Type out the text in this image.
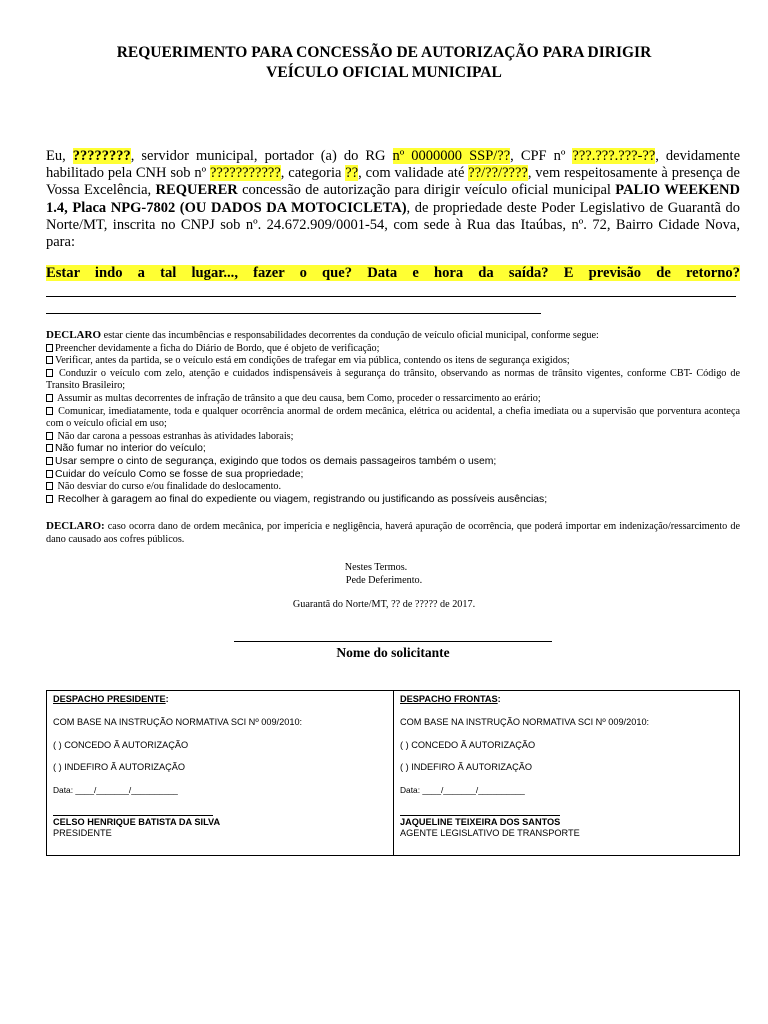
REQUERIMENTO PARA CONCESSÃO DE AUTORIZAÇÃO PARA DIRIGIR
VEÍCULO OFICIAL MUNICIPAL
Eu, ????????, servidor municipal, portador (a) do RG nº 0000000 SSP/??, CPF nº ???.???.???-??, devidamente habilitado pela CNH sob nº ???????????, categoria ??, com validade até ??/??/????, vem respeitosamente à presença de Vossa Excelência, REQUERER concessão de autorização para dirigir veículo oficial municipal PALIO WEEKEND 1.4, Placa NPG-7802 (OU DADOS DA MOTOCICLETA), de propriedade deste Poder Legislativo de Guarantã do Norte/MT, inscrita no CNPJ sob nº. 24.672.909/0001-54, com sede à Rua das Itaúbas, nº. 72, Bairro Cidade Nova, para:
Estar indo a tal lugar..., fazer o que? Data e hora da saída? E previsão de retorno?
DECLARO estar ciente das incumbências e responsabilidades decorrentes da condução de veículo oficial municipal, conforme segue:
Preencher devidamente a ficha do Diário de Bordo, que é objeto de verificação;
Verificar, antes da partida, se o veículo está em condições de trafegar em via pública, contendo os itens de segurança exigidos;
Conduzir o veículo com zelo, atenção e cuidados indispensáveis à segurança do trânsito, observando as normas de trânsito vigentes, conforme CBT- Código de Transito Brasileiro;
Assumir as multas decorrentes de infração de trânsito a que deu causa, bem Como, proceder o ressarcimento ao erário;
Comunicar, imediatamente, toda e qualquer ocorrência anormal de ordem mecânica, elétrica ou acidental, a chefia imediata ou a supervisão que porventura aconteça com o veículo oficial em uso;
Não dar carona a pessoas estranhas às atividades laborais;
Não fumar no interior do veículo;
Usar sempre o cinto de segurança, exigindo que todos os demais passageiros também o usem;
Cuidar do veículo Como se fosse de sua propriedade;
Não desviar do curso e/ou finalidade do deslocamento.
Recolher à garagem ao final do expediente ou viagem, registrando ou justificando as possíveis ausências;
DECLARO: caso ocorra dano de ordem mecânica, por imperícia e negligência, haverá apuração de ocorrência, que poderá importar em indenização/ressarcimento de dano causado aos cofres públicos.
Nestes Termos.
Pede Deferimento.
Guarantã do Norte/MT, ?? de ????? de 2017.
Nome do solicitante
DESPACHO PRESIDENTE:
COM BASE NA INSTRUÇÃO NORMATIVA SCI Nº 009/2010:
( ) CONCEDO Ã AUTORIZAÇÃO
( ) INDEFIRO Ã AUTORIZAÇÃO
Data: ____/_______/__________
CELSO HENRIQUE BATISTA DA SILVA
PRESIDENTE
DESPACHO FRONTAS:
COM BASE NA INSTRUÇÃO NORMATIVA SCI Nº 009/2010:
( ) CONCEDO Ã AUTORIZAÇÃO
( ) INDEFIRO Ã AUTORIZAÇÃO
Data: ____/_______/__________
JAQUELINE TEIXEIRA DOS SANTOS
AGENTE LEGISLATIVO DE TRANSPORTE
